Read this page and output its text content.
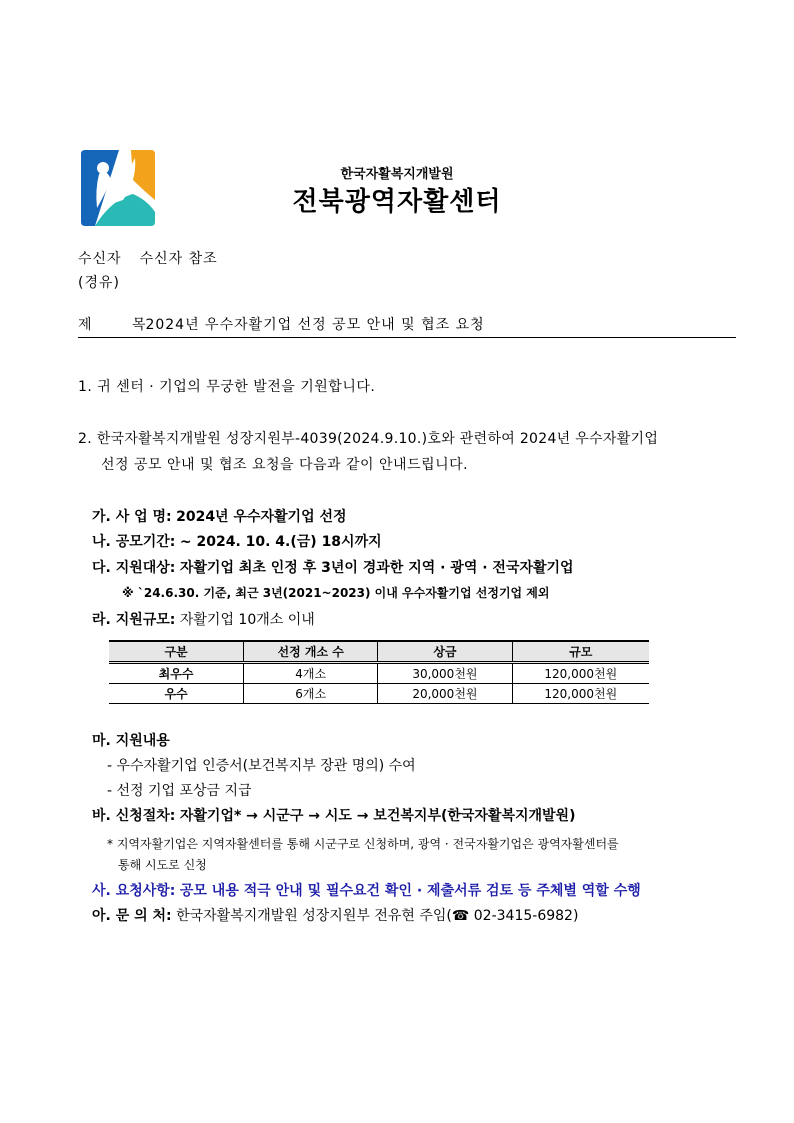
한국자활복지개발원
전북광역자활센터
수신자 수신자 참조
(경유)
제 목 2024년 우수자활기업 선정 공모 안내 및 협조 요청
1. 귀 센터 · 기업의 무궁한 발전을 기원합니다.
2. 한국자활복지개발원 성장지원부-4039(2024.9.10.)호와 관련하여 2024년 우수자활기업
선정 공모 안내 및 협조 요청을 다음과 같이 안내드립니다.
가. 사 업 명: 2024년 우수자활기업 선정
나. 공모기간: ~ 2024. 10. 4.(금) 18시까지
다. 지원대상: 자활기업 최초 인정 후 3년이 경과한 지역 · 광역 · 전국자활기업
※ `24.6.30. 기준, 최근 3년(2021~2023) 이내 우수자활기업 선정기업 제외
라. 지원규모: 자활기업 10개소 이내
구분	선정 개소 수	상금	규모
최우수	4개소	30,000천원	120,000천원
우수	6개소	20,000천원	120,000천원
마. 지원내용
- 우수자활기업 인증서(보건복지부 장관 명의) 수여
- 선정 기업 포상금 지급
바. 신청절차: 자활기업* → 시군구 → 시도 → 보건복지부(한국자활복지개발원)
* 지역자활기업은 지역자활센터를 통해 시군구로 신청하며, 광역 · 전국자활기업은 광역자활센터를
통해 시도로 신청
사. 요청사항: 공모 내용 적극 안내 및 필수요건 확인 · 제출서류 검토 등 주체별 역할 수행
아. 문 의 처: 한국자활복지개발원 성장지원부 전유현 주임(☎ 02-3415-6982)
